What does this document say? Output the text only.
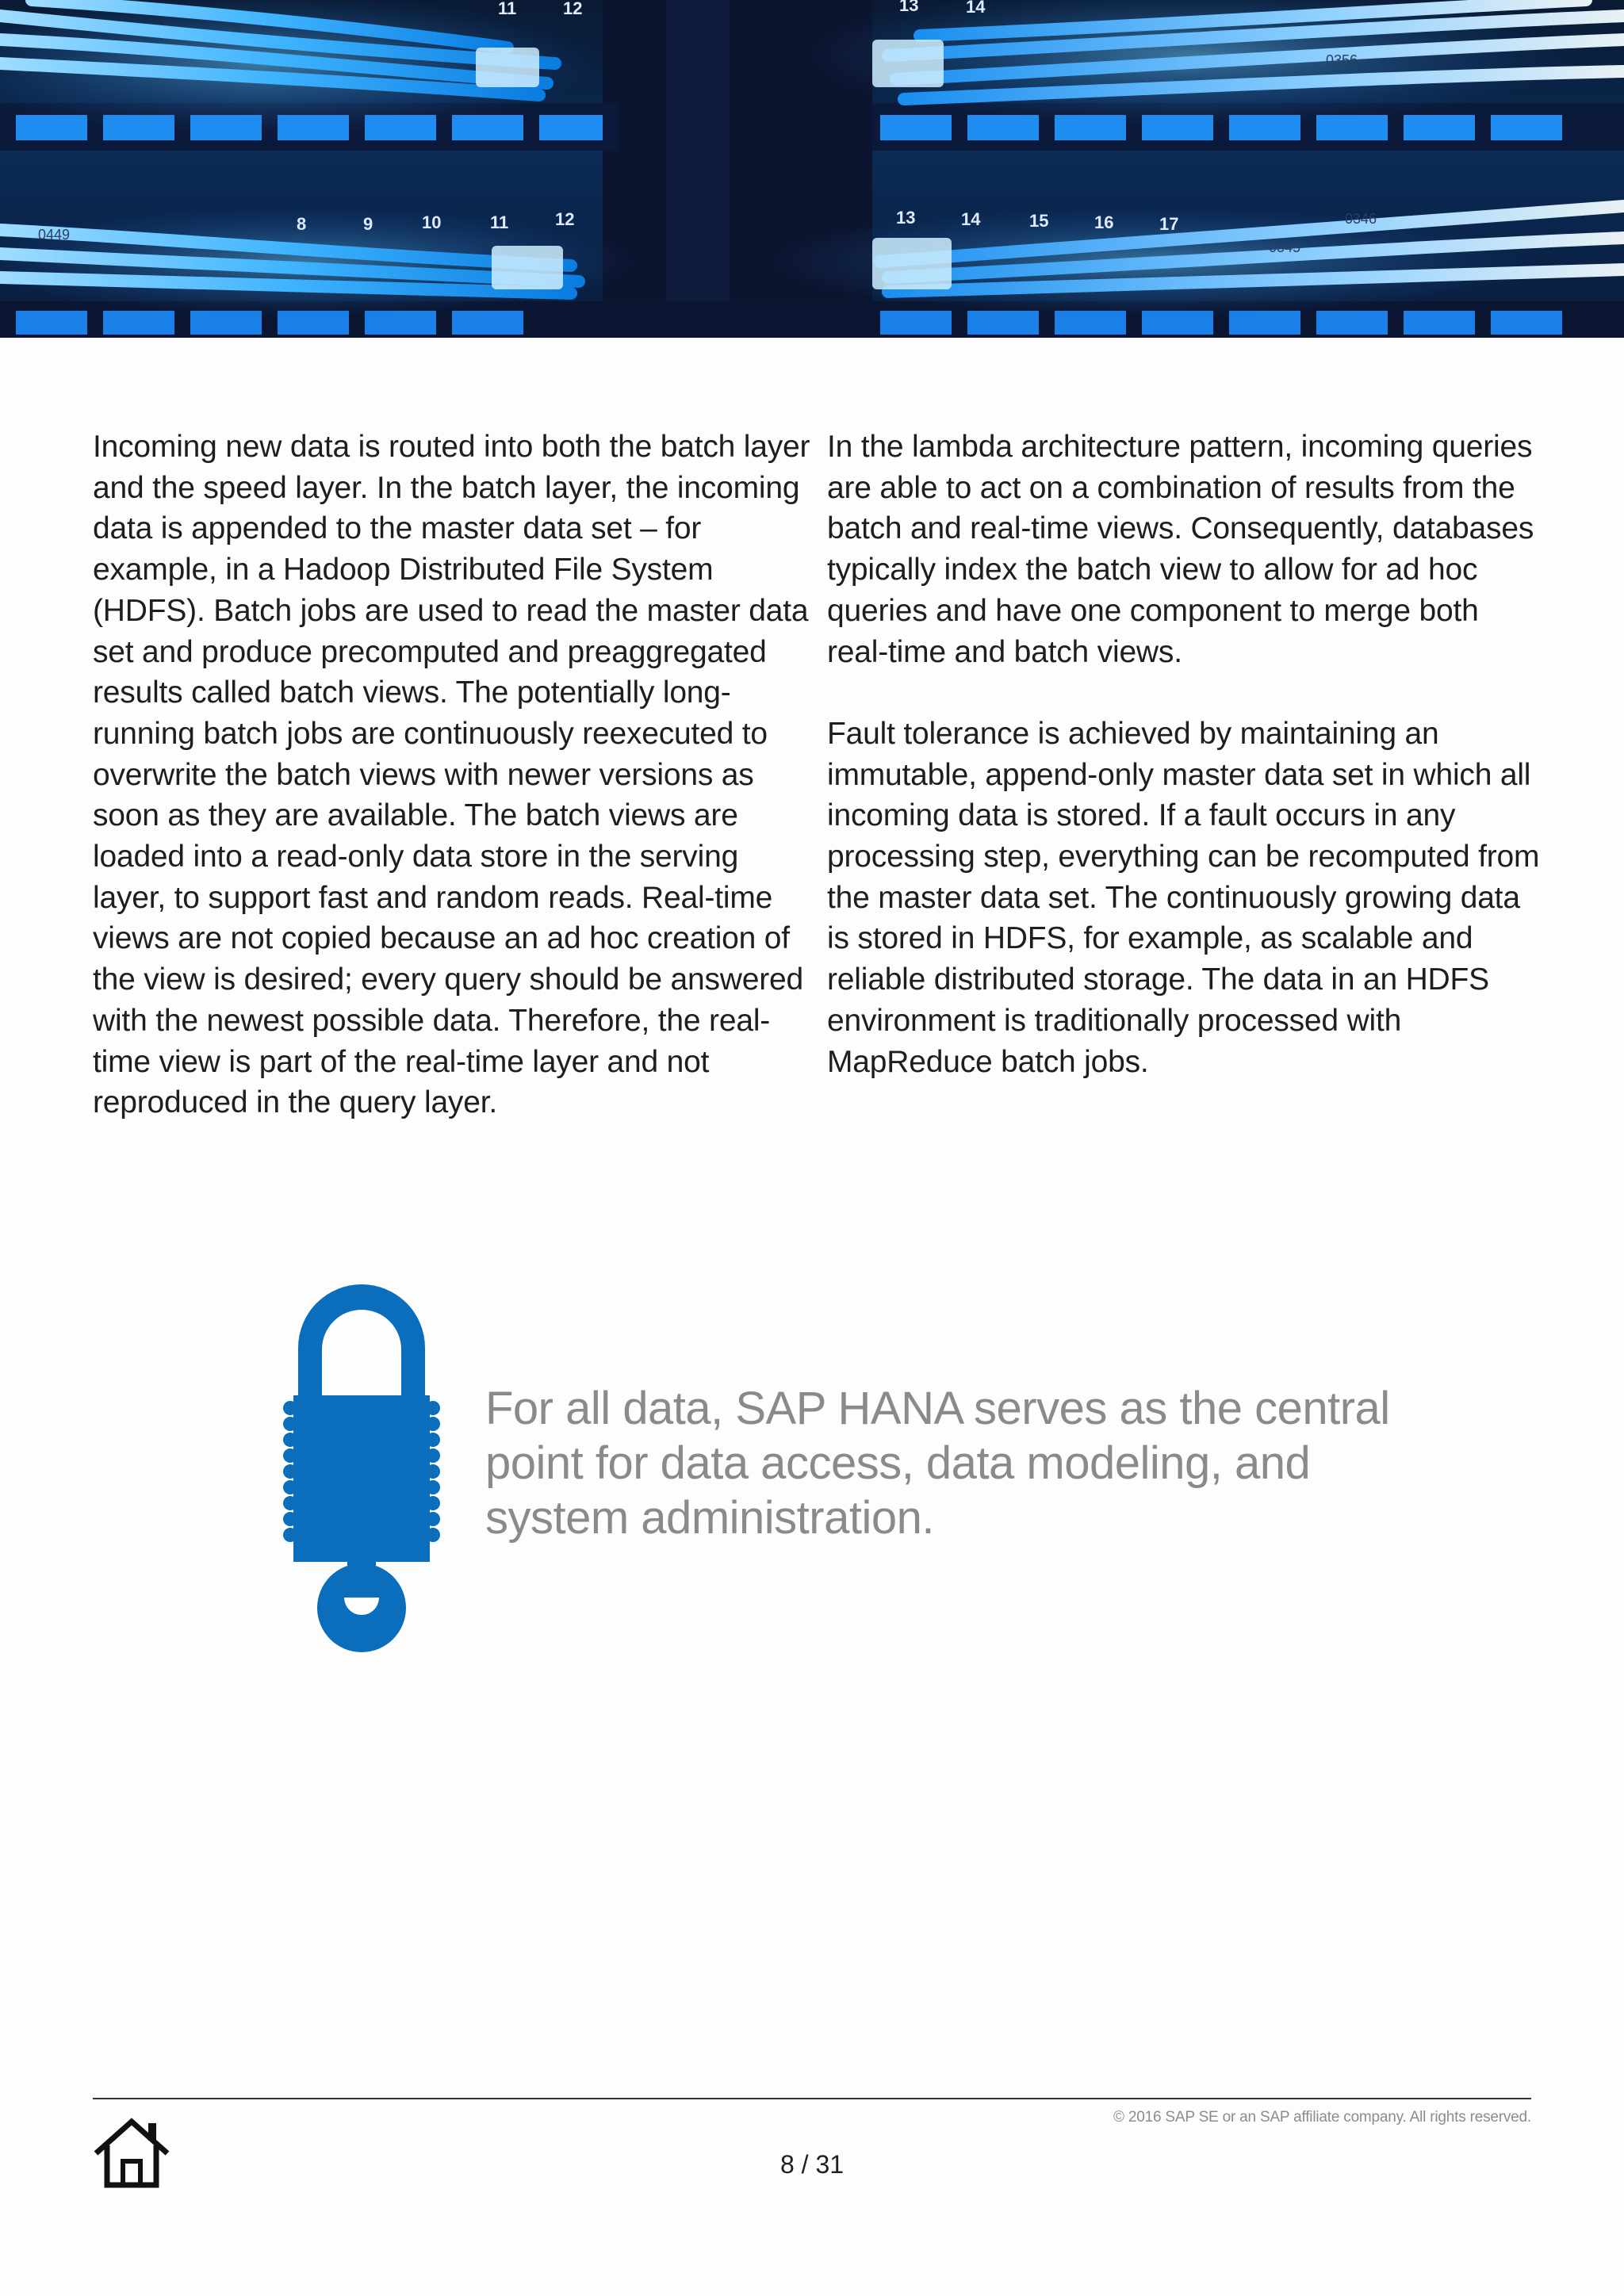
11	12	13	14
8	9	10	11	12	13	14	15	16	17
0356
0346
0345
0449

Incoming new data is routed into both the batch layer and the speed layer. In the batch layer, the incoming data is appended to the master data set – for example, in a Hadoop Distributed File System (HDFS). Batch jobs are used to read the master data set and produce precomputed and preaggregated results called batch views. The potentially long-running batch jobs are continuously reexecuted to overwrite the batch views with newer versions as soon as they are available. The batch views are loaded into a read-only data store in the serving layer, to support fast and random reads. Real-time views are not copied because an ad hoc creation of the view is desired; every query should be answered with the newest possible data. Therefore, the real-time view is part of the real-time layer and not reproduced in the query layer.

In the lambda architecture pattern, incoming queries are able to act on a combination of results from the batch and real-time views. Consequently, databases typically index the batch view to allow for ad hoc queries and have one component to merge both real-time and batch views.

Fault tolerance is achieved by maintaining an immutable, append-only master data set in which all incoming data is stored. If a fault occurs in any processing step, everything can be recomputed from the master data set. The continuously growing data is stored in HDFS, for example, as scalable and reliable distributed storage. The data in an HDFS environment is traditionally processed with MapReduce batch jobs.

For all data, SAP HANA serves as the central point for data access, data modeling, and system administration.
© 2016 SAP SE or an SAP affiliate company. All rights reserved.
8 / 31
